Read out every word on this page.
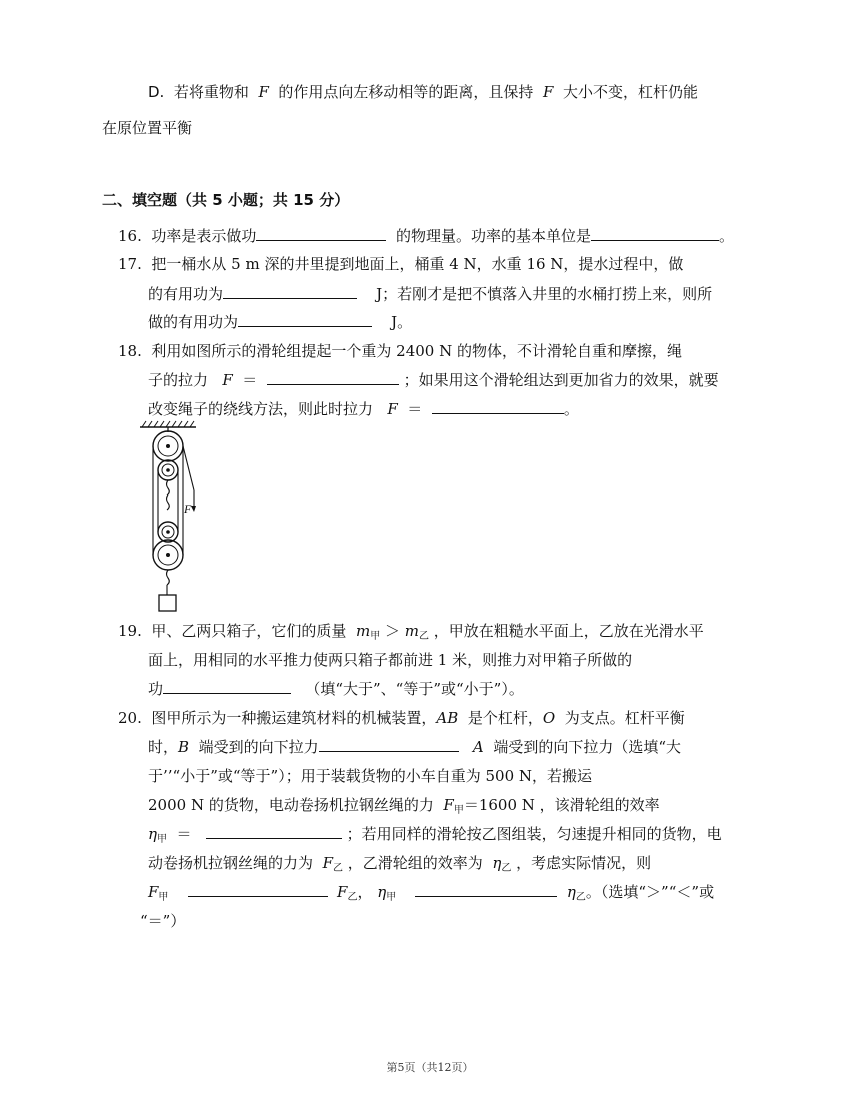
D. 若将重物和 F 的作用点向左移动相等的距离，且保持 F 大小不变，杠杆仍能
在原位置平衡
二、填空题（共 5 小题；共 15 分）
16. 功率是表示做功	的物理量。功率的基本单位是	。
17. 把一桶水从 5 m 深的井里提到地面上，桶重 4 N，水重 16 N，提水过程中，做
的有用功为	J；若刚才是把不慎落入井里的水桶打捞上来，则所
做的有用功为	J。
18. 利用如图所示的滑轮组提起一个重为 2400 N 的物体，不计滑轮自重和摩擦，绳
子的拉力 F ＝	；如果用这个滑轮组达到更加省力的效果，就要
改变绳子的绕线方法，则此时拉力 F ＝	。
F
19. 甲、乙两只箱子，它们的质量 $m_甲 > m_乙$ ，甲放在粗糙水平面上，乙放在光滑水平
面上，用相同的水平推力使两只箱子都前进 1 米，则推力对甲箱子所做的
功	（填“大于”、“等于”或“小于”）。
20. 图甲所示为一种搬运建筑材料的机械装置，AB 是个杠杆，O 为支点。杠杆平衡
时，B 端受到的向下拉力	A 端受到的向下拉力（选填“大
于’’“小于”或“等于”）；用于装载货物的小车自重为 500 N，若搬运
2000 N 的货物，电动卷扬机拉钢丝绳的力 $F_甲=1600$ N ，该滑轮组的效率
$\eta_甲$ ＝	；若用同样的滑轮按乙图组装，匀速提升相同的货物，电
动卷扬机拉钢丝绳的力为 $F_乙$ ，乙滑轮组的效率为 $\eta_乙$ ，考虑实际情况，则
$F_甲$	$F_乙$， $\eta_甲$	$\eta_乙$。（选填“＞”“＜”或
“＝”）
第5页（共12页）
